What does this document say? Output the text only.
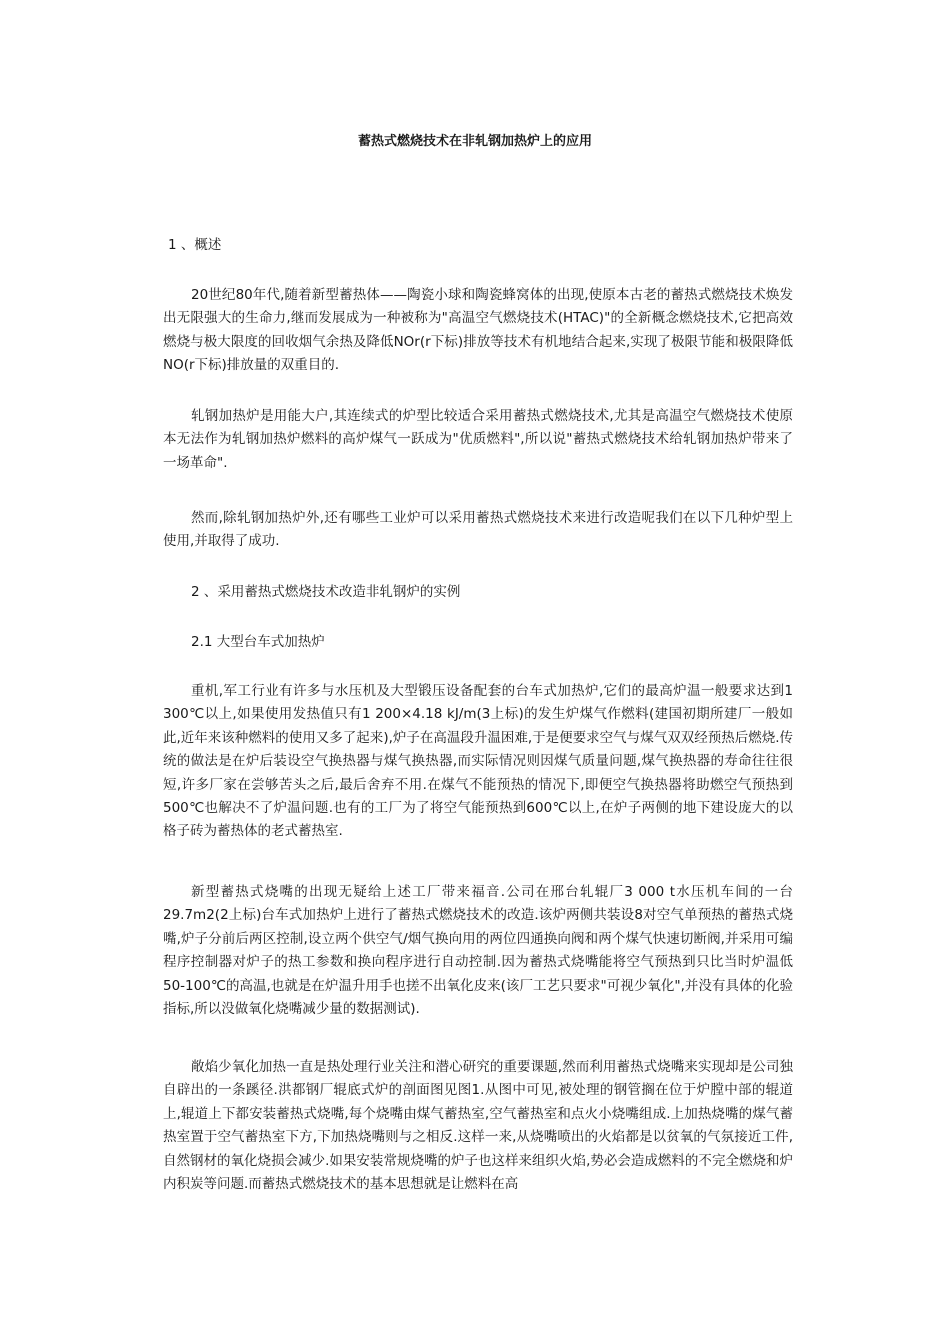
蓄热式燃烧技术在非轧钢加热炉上的应用
1 、概述

20世纪80年代,随着新型蓄热体——陶瓷小球和陶瓷蜂窝体的出现,使原本古老的蓄热式燃烧技术焕发出无限强大的生命力,继而发展成为一种被称为"高温空气燃烧技术(HTAC)"的全新概念燃烧技术,它把高效燃烧与极大限度的回收烟气余热及降低NOr(r下标)排放等技术有机地结合起来,实现了极限节能和极限降低NO(r下标)排放量的双重目的.

轧钢加热炉是用能大户,其连续式的炉型比较适合采用蓄热式燃烧技术,尤其是高温空气燃烧技术使原本无法作为轧钢加热炉燃料的高炉煤气一跃成为"优质燃料",所以说"蓄热式燃烧技术给轧钢加热炉带来了一场革命".

然而,除轧钢加热炉外,还有哪些工业炉可以采用蓄热式燃烧技术来进行改造呢我们在以下几种炉型上使用,并取得了成功.

2 、采用蓄热式燃烧技术改造非轧钢炉的实例
2.1 大型台车式加热炉

重机,军工行业有许多与水压机及大型锻压设备配套的台车式加热炉,它们的最高炉温一般要求达到1 300℃以上,如果使用发热值只有1 200×4.18 kJ/m(3上标)的发生炉煤气作燃料(建国初期所建厂一般如此,近年来该种燃料的使用又多了起来),炉子在高温段升温困难,于是便要求空气与煤气双双经预热后燃烧.传统的做法是在炉后装设空气换热器与煤气换热器,而实际情况则因煤气质量问题,煤气换热器的寿命往往很短,许多厂家在尝够苦头之后,最后舍弃不用.在煤气不能预热的情况下,即便空气换热器将助燃空气预热到500℃也解决不了炉温问题.也有的工厂为了将空气能预热到600℃以上,在炉子两侧的地下建设庞大的以格子砖为蓄热体的老式蓄热室.

新型蓄热式烧嘴的出现无疑给上述工厂带来福音.公司在邢台轧辊厂3 000 t水压机车间的一台29.7m2(2上标)台车式加热炉上进行了蓄热式燃烧技术的改造.该炉两侧共装设8对空气单预热的蓄热式烧嘴,炉子分前后两区控制,设立两个供空气/烟气换向用的两位四通换向阀和两个煤气快速切断阀,并采用可编程序控制器对炉子的热工参数和换向程序进行自动控制.因为蓄热式烧嘴能将空气预热到只比当时炉温低50-100℃的高温,也就是在炉温升用手也搓不出氧化皮来(该厂工艺只要求"可视少氧化",并没有具体的化验指标,所以没做氧化烧嘴减少量的数据测试).

敞焰少氧化加热一直是热处理行业关注和潜心研究的重要课题,然而利用蓄热式烧嘴来实现却是公司独自辟出的一条蹊径.洪都钢厂辊底式炉的剖面图见图1.从图中可见,被处理的钢管搁在位于炉膛中部的辊道上,辊道上下都安装蓄热式烧嘴,每个烧嘴由煤气蓄热室,空气蓄热室和点火小烧嘴组成.上加热烧嘴的煤气蓄热室置于空气蓄热室下方,下加热烧嘴则与之相反.这样一来,从烧嘴喷出的火焰都是以贫氧的气氛接近工件,自然钢材的氧化烧损会减少.如果安装常规烧嘴的炉子也这样来组织火焰,势必会造成燃料的不完全燃烧和炉内积炭等问题.而蓄热式燃烧技术的基本思想就是让燃料在高
